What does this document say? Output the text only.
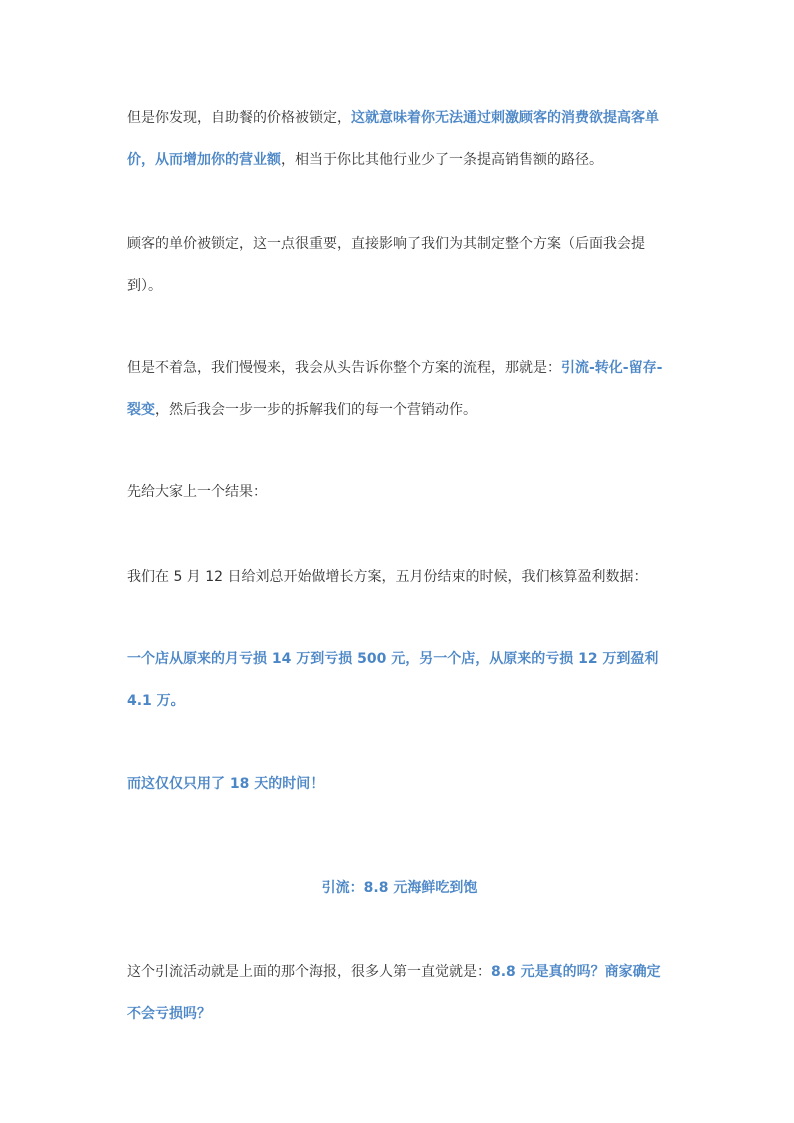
但是你发现，自助餐的价格被锁定，这就意味着你无法通过刺激顾客的消费欲提高客单价，从而增加你的营业额，相当于你比其他行业少了一条提高销售额的路径。

顾客的单价被锁定，这一点很重要，直接影响了我们为其制定整个方案（后面我会提到）。

但是不着急，我们慢慢来，我会从头告诉你整个方案的流程，那就是：引流-转化-留存-裂变，然后我会一步一步的拆解我们的每一个营销动作。

先给大家上一个结果：

我们在 5 月 12 日给刘总开始做增长方案，五月份结束的时候，我们核算盈利数据：

一个店从原来的月亏损 14 万到亏损 500 元，另一个店，从原来的亏损 12 万到盈利 4.1 万。

而这仅仅只用了 18 天的时间！

引流：8.8 元海鲜吃到饱

这个引流活动就是上面的那个海报，很多人第一直觉就是：8.8 元是真的吗？商家确定不会亏损吗？
